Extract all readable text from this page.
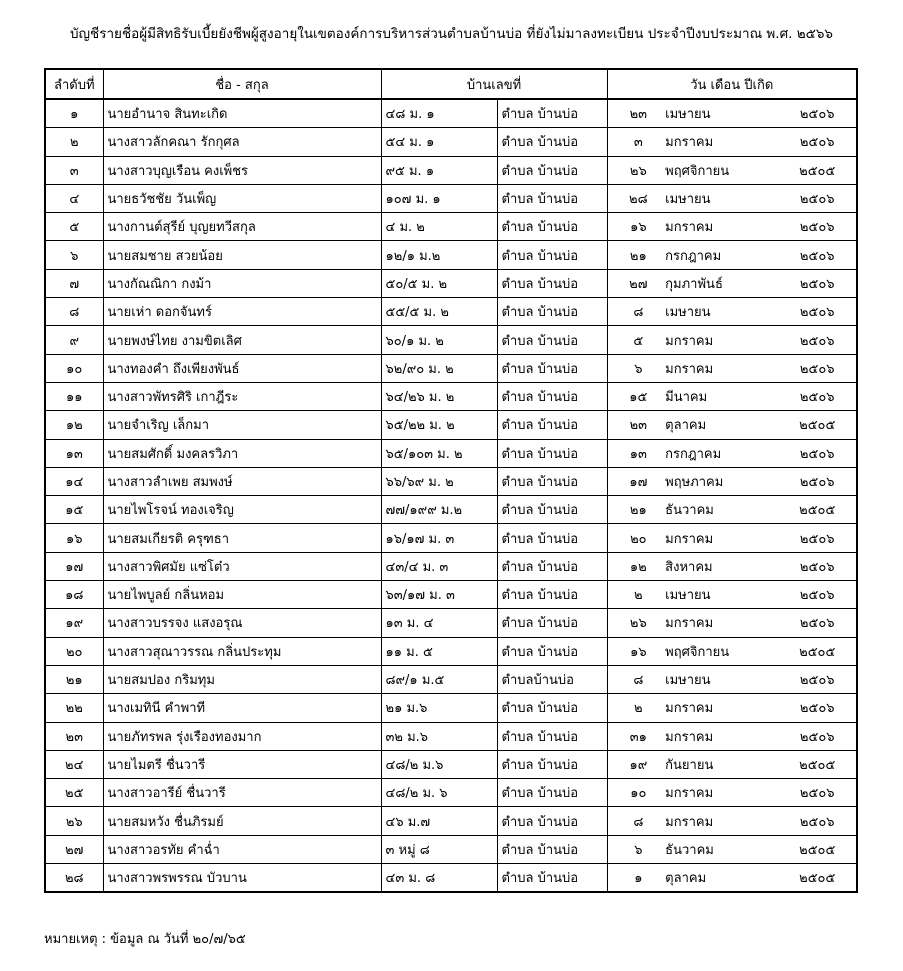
บัญชีรายชื่อผู้มีสิทธิรับเบี้ยยังชีพผู้สูงอายุในเขตองค์การบริหารส่วนตำบลบ้านบ่อ ที่ยังไม่มาลงทะเบียน ประจำปีงบประมาณ พ.ศ. ๒๕๖๖
ลำดับที่	ชื่อ - สกุล	บ้านเลขที่		วัน เดือน ปีเกิด
๑	นายอำนาจ สินทะเกิด	๔๘ ม. ๑	ตำบล บ้านบ่อ	๒๓ เมษายน ๒๕๐๖

๒	นางสาวลักคณา รักกุศล	๕๔ ม. ๑	ตำบล บ้านบ่อ	๓ มกราคม ๒๕๐๖

๓	นางสาวบุญเรือน คงเพ็ชร	๙๕ ม. ๑	ตำบล บ้านบ่อ	๒๖ พฤศจิกายน ๒๕๐๕

๔	นายธวัชชัย วันเพ็ญ	๑๐๗ ม. ๑	ตำบล บ้านบ่อ	๒๘ เมษายน ๒๕๐๖

๕	นางกานต์สุรีย์ บุญยทวีสกุล	๔ ม. ๒	ตำบล บ้านบ่อ	๑๖ มกราคม ๒๕๐๖

๖	นายสมชาย สวยน้อย	๑๒/๑ ม.๒	ตำบล บ้านบ่อ	๒๑ กรกฎาคม ๒๕๐๖

๗	นางกัณณิกา กงม้า	๕๐/๕ ม. ๒	ตำบล บ้านบ่อ	๒๗ กุมภาพันธ์ ๒๕๐๖

๘	นายเห่า ดอกจันทร์	๕๕/๕ ม. ๒	ตำบล บ้านบ่อ	๘ เมษายน ๒๕๐๖

๙	นายพงษ์ไทย งามขิตเลิศ	๖๐/๑ ม. ๒	ตำบล บ้านบ่อ	๕ มกราคม ๒๕๐๖

๑๐	นางทองคำ ถึงเพียงพันธ์	๖๒/๙๐ ม. ๒	ตำบล บ้านบ่อ	๖ มกราคม ๒๕๐๖

๑๑	นางสาวพัทรศิริ เกาฎีระ	๖๔/๒๖ ม. ๒	ตำบล บ้านบ่อ	๑๕ มีนาคม ๒๕๐๖

๑๒	นายจำเริญ เล็กมา	๖๕/๒๒ ม. ๒	ตำบล บ้านบ่อ	๒๓ ตุลาคม ๒๕๐๕

๑๓	นายสมศักดิ์ มงคลรวิภา	๖๕/๑๐๓ ม. ๒	ตำบล บ้านบ่อ	๑๓ กรกฎาคม ๒๕๐๖

๑๔	นางสาวลำเพย สมพงษ์	๖๖/๖๙ ม. ๒	ตำบล บ้านบ่อ	๑๗ พฤษภาคม ๒๕๐๖

๑๕	นายไพโรจน์ ทองเจริญ	๗๗/๑๙๙ ม.๒	ตำบล บ้านบ่อ	๒๑ ธันวาคม ๒๕๐๕

๑๖	นายสมเกียรติ ครุฑธา	๑๖/๑๗ ม. ๓	ตำบล บ้านบ่อ	๒๐ มกราคม ๒๕๐๖

๑๗	นางสาวพิศมัย แซ่โต๋ว	๔๓/๔ ม. ๓	ตำบล บ้านบ่อ	๑๒ สิงหาคม ๒๕๐๖

๑๘	นายไพบูลย์ กลิ่นหอม	๖๓/๑๗ ม. ๓	ตำบล บ้านบ่อ	๒ เมษายน ๒๕๐๖

๑๙	นางสาวบรรจง แสงอรุณ	๑๓ ม. ๔	ตำบล บ้านบ่อ	๒๖ มกราคม ๒๕๐๖

๒๐	นางสาวสุณาวรรณ กลิ่นประทุม	๑๑ ม. ๕	ตำบล บ้านบ่อ	๑๖ พฤศจิกายน ๒๕๐๕

๒๑	นายสมปอง กริมทุม	๘๙/๑ ม.๕	ตำบลบ้านบ่อ	๘ เมษายน ๒๕๐๖

๒๒	นางเมทินี คำพาที	๒๑ ม.๖	ตำบล บ้านบ่อ	๒ มกราคม ๒๕๐๖

๒๓	นายภัทรพล รุ่งเรืองทองมาก	๓๒ ม.๖	ตำบล บ้านบ่อ	๓๑ มกราคม ๒๕๐๖

๒๔	นายไมตรี ชื่นวารี	๔๘/๒ ม.๖	ตำบล บ้านบ่อ	๑๙ กันยายน ๒๕๐๕

๒๕	นางสาวอารีย์ ชื่นวารี	๔๘/๒ ม. ๖	ตำบล บ้านบ่อ	๑๐ มกราคม ๒๕๐๖

๒๖	นายสมหวัง ชื่นภิรมย์	๔๖ ม.๗	ตำบล บ้านบ่อ	๘ มกราคม ๒๕๐๖

๒๗	นางสาวอรทัย คำฉ่ำ	๓ หมู่ ๘	ตำบล บ้านบ่อ	๖ ธันวาคม ๒๕๐๕

๒๘	นางสาวพรพรรณ บัวบาน	๔๓ ม. ๘	ตำบล บ้านบ่อ	๑ ตุลาคม ๒๕๐๕
หมายเหตุ : ข้อมูล ณ วันที่ ๒๐/๗/๖๕
